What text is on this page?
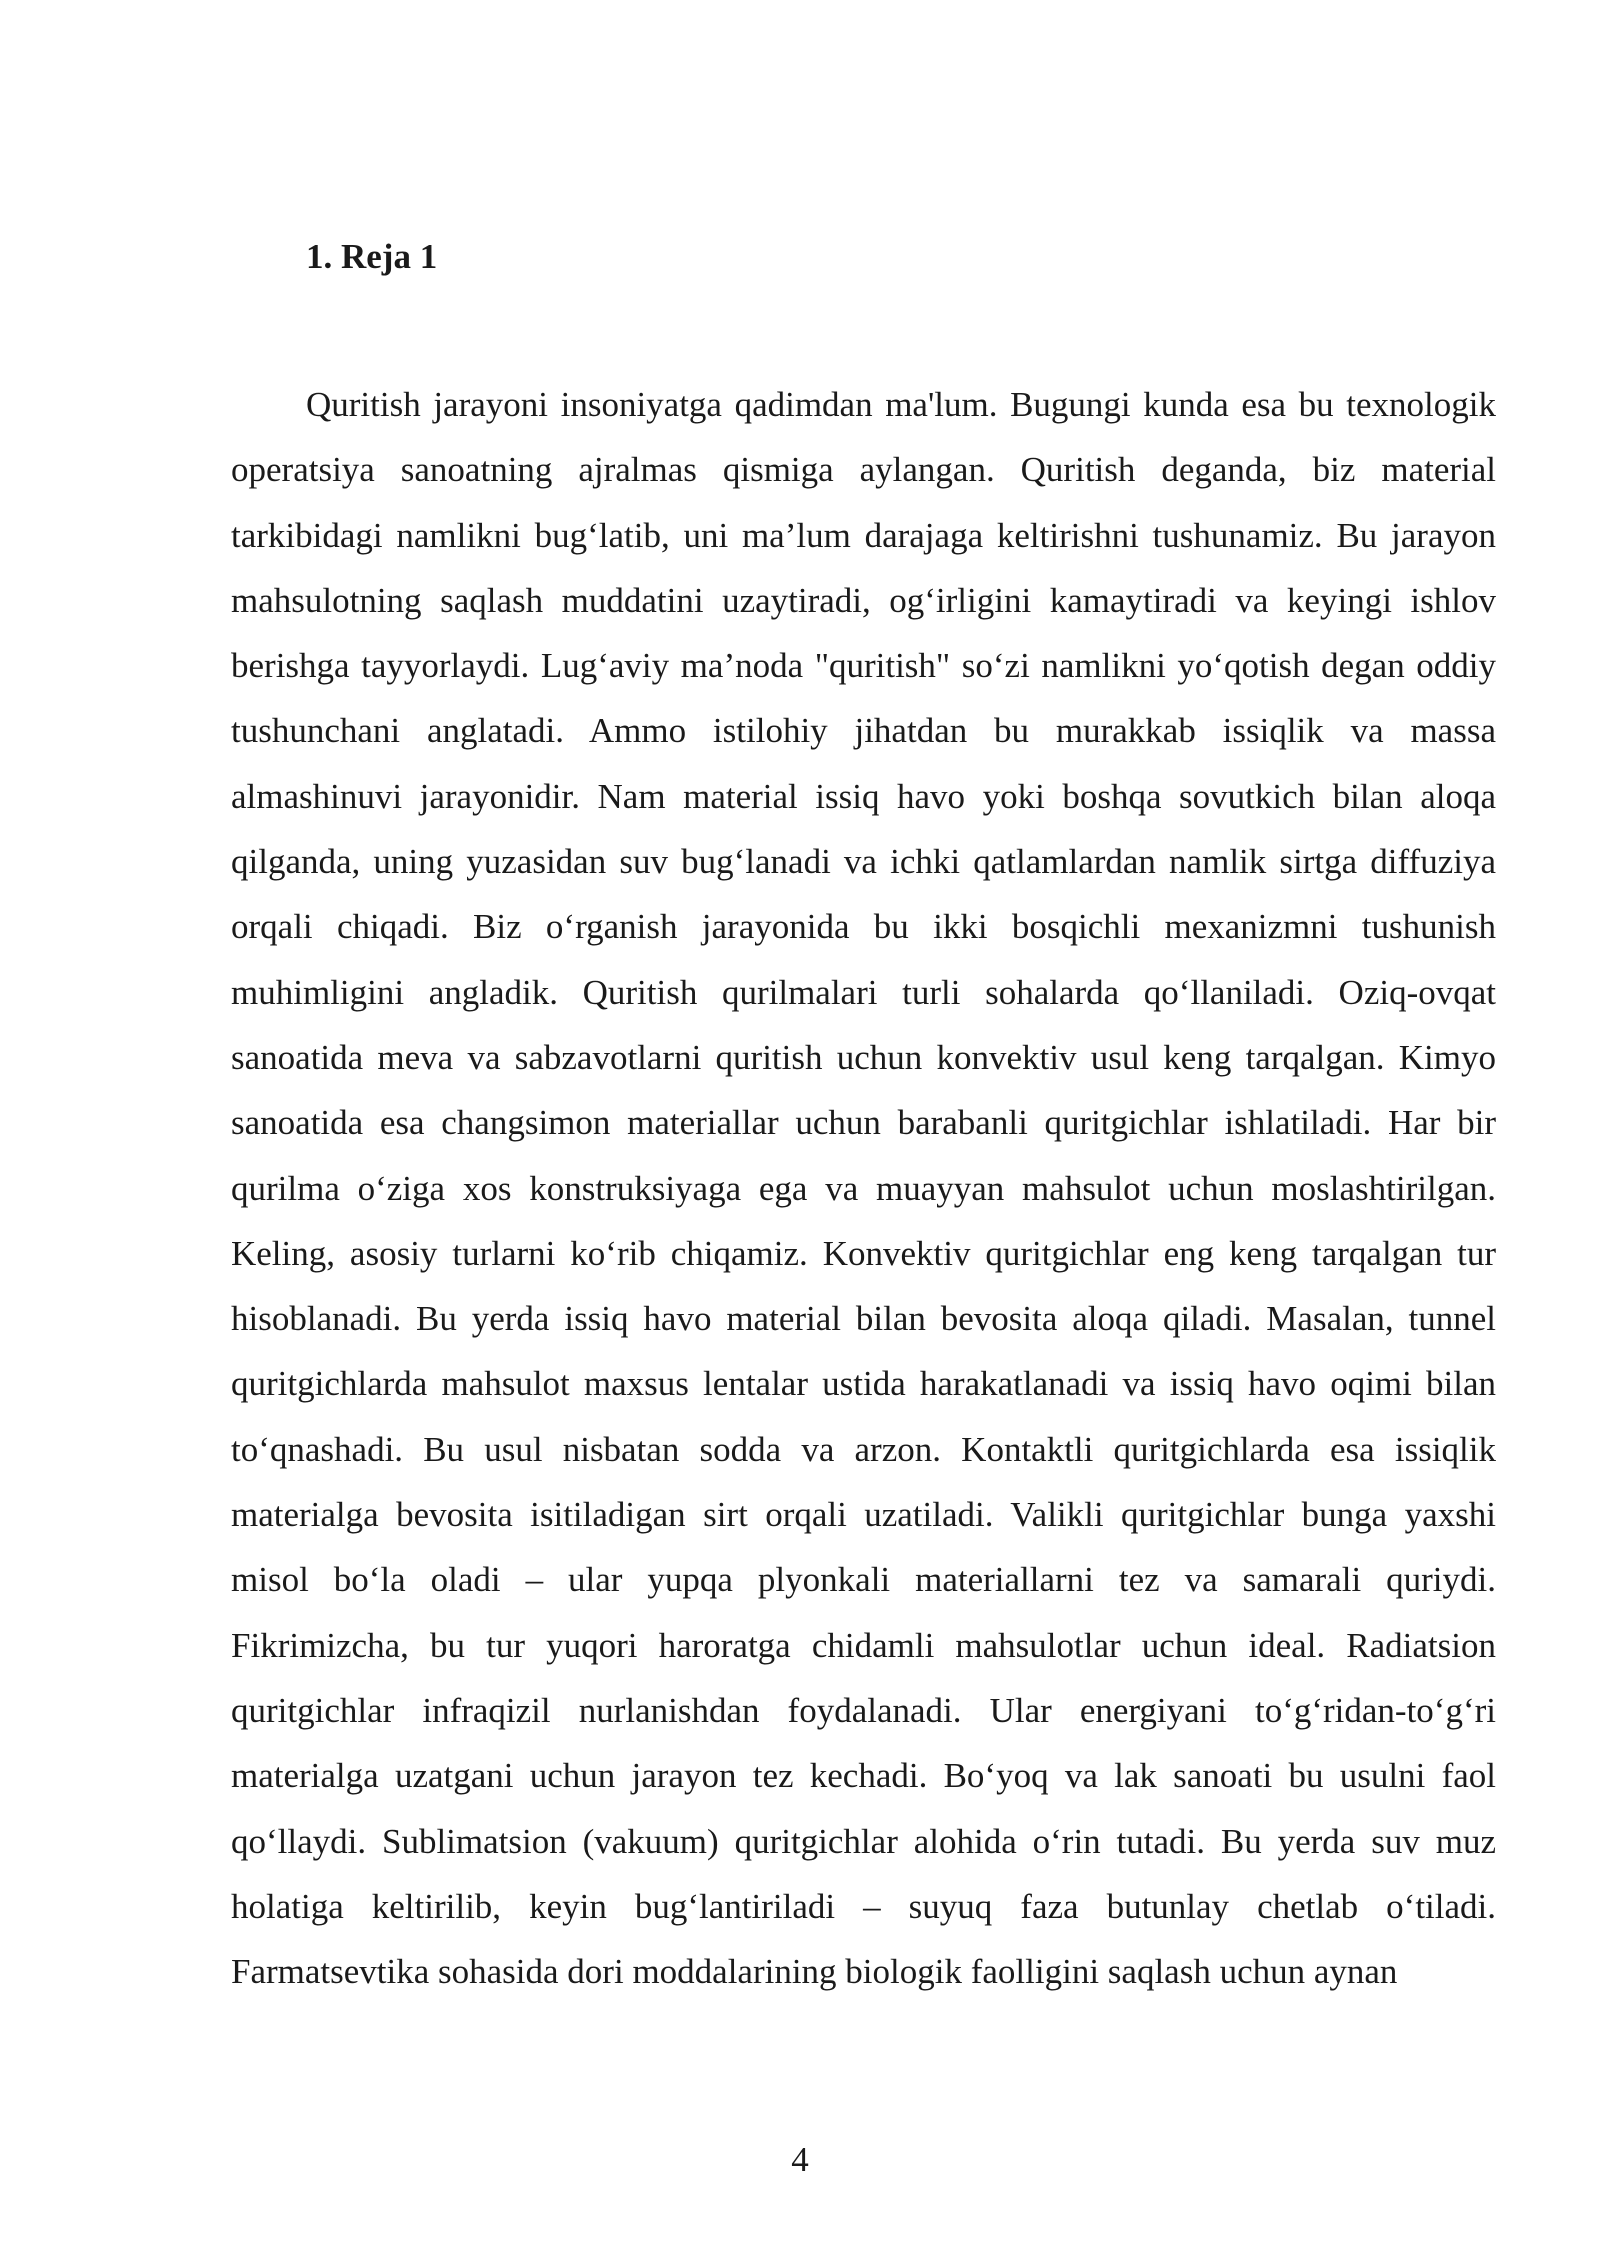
1. Reja 1

Quritish jarayoni insoniyatga qadimdan ma'lum. Bugungi kunda esa bu texnologik operatsiya sanoatning ajralmas qismiga aylangan. Quritish deganda, biz material tarkibidagi namlikni bug‘latib, uni ma’lum darajaga keltirishni tushunamiz. Bu jarayon mahsulotning saqlash muddatini uzaytiradi, og‘irligini kamaytiradi va keyingi ishlov berishga tayyorlaydi. Lug‘aviy ma’noda "quritish" so‘zi namlikni yo‘qotish degan oddiy tushunchani anglatadi. Ammo istilohiy jihatdan bu murakkab issiqlik va massa almashinuvi jarayonidir. Nam material issiq havo yoki boshqa sovutkich bilan aloqa qilganda, uning yuzasidan suv bug‘lanadi va ichki qatlamlardan namlik sirtga diffuziya orqali chiqadi. Biz o‘rganish jarayonida bu ikki bosqichli mexanizmni tushunish muhimligini angladik. Quritish qurilmalari turli sohalarda qo‘llaniladi. Oziq-ovqat sanoatida meva va sabzavotlarni quritish uchun konvektiv usul keng tarqalgan. Kimyo sanoatida esa changsimon materiallar uchun barabanli quritgichlar ishlatiladi. Har bir qurilma o‘ziga xos konstruksiyaga ega va muayyan mahsulot uchun moslashtirilgan. Keling, asosiy turlarni ko‘rib chiqamiz. Konvektiv quritgichlar eng keng tarqalgan tur hisoblanadi. Bu yerda issiq havo material bilan bevosita aloqa qiladi. Masalan, tunnel quritgichlarda mahsulot maxsus lentalar ustida harakatlanadi va issiq havo oqimi bilan to‘qnashadi. Bu usul nisbatan sodda va arzon. Kontaktli quritgichlarda esa issiqlik materialga bevosita isitiladigan sirt orqali uzatiladi. Valikli quritgichlar bunga yaxshi misol bo‘la oladi – ular yupqa plyonkali materiallarni tez va samarali quriydi. Fikrimizcha, bu tur yuqori haroratga chidamli mahsulotlar uchun ideal. Radiatsion quritgichlar infraqizil nurlanishdan foydalanadi. Ular energiyani to‘g‘ridan-to‘g‘ri materialga uzatgani uchun jarayon tez kechadi. Bo‘yoq va lak sanoati bu usulni faol qo‘llaydi. Sublimatsion (vakuum) quritgichlar alohida o‘rin tutadi. Bu yerda suv muz holatiga keltirilib, keyin bug‘lantiriladi – suyuq faza butunlay chetlab o‘tiladi. Farmatsevtika sohasida dori moddalarining biologik faolligini saqlash uchun aynan

4
